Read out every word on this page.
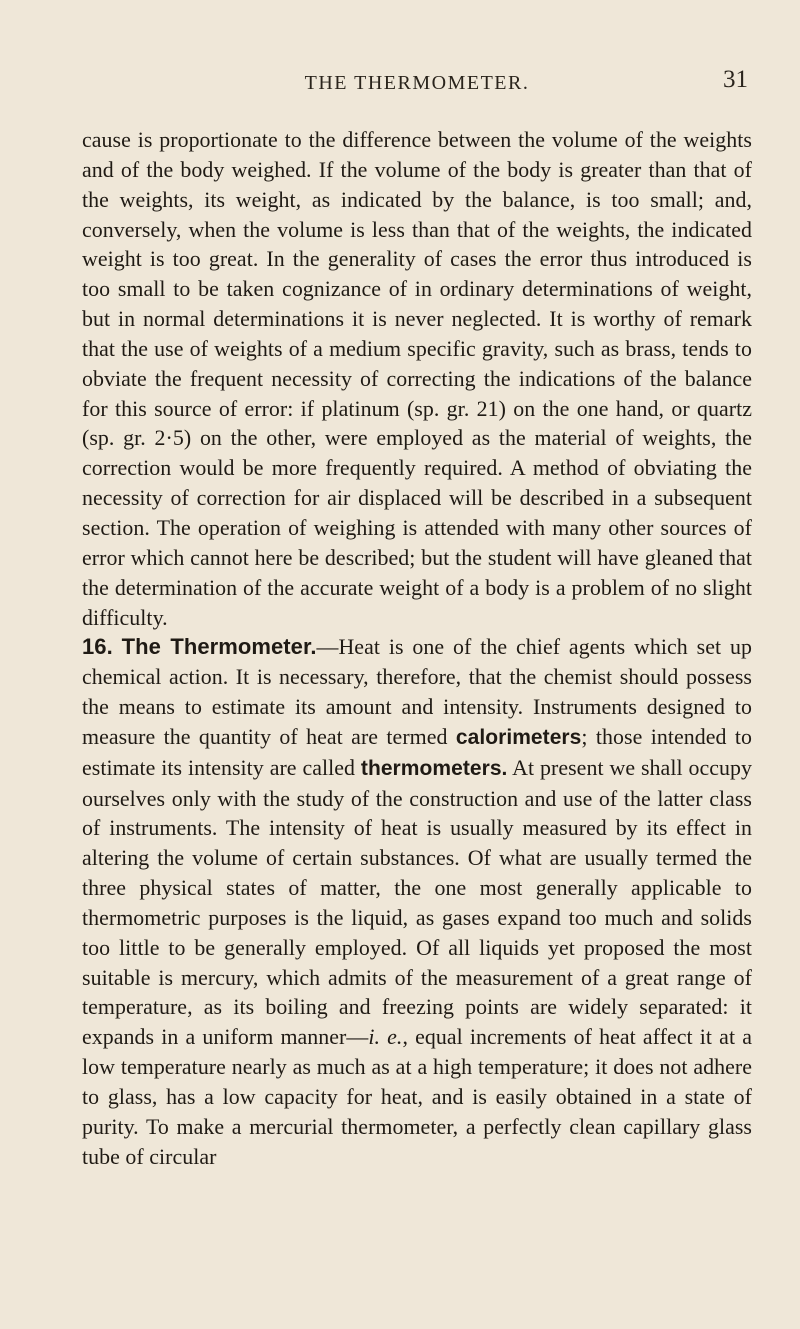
THE THERMOMETER.	31

cause is proportionate to the difference between the volume of the weights and of the body weighed. If the volume of the body is greater than that of the weights, its weight, as indicated by the balance, is too small; and, conversely, when the volume is less than that of the weights, the indicated weight is too great. In the generality of cases the error thus introduced is too small to be taken cognizance of in ordinary determinations of weight, but in normal determinations it is never neglected. It is worthy of remark that the use of weights of a medium specific gravity, such as brass, tends to obviate the frequent necessity of correcting the indications of the balance for this source of error: if platinum (sp. gr. 21) on the one hand, or quartz (sp. gr. 2·5) on the other, were employed as the material of weights, the correction would be more frequently required. A method of obviating the necessity of correction for air displaced will be described in a subsequent section. The operation of weighing is attended with many other sources of error which cannot here be described; but the student will have gleaned that the determination of the accurate weight of a body is a problem of no slight difficulty.

16. The Thermometer.—Heat is one of the chief agents which set up chemical action. It is necessary, therefore, that the chemist should possess the means to estimate its amount and intensity. Instruments designed to measure the quantity of heat are termed calorimeters; those intended to estimate its intensity are called thermometers. At present we shall occupy ourselves only with the study of the construction and use of the latter class of instruments. The intensity of heat is usually measured by its effect in altering the volume of certain substances. Of what are usually termed the three physical states of matter, the one most generally applicable to thermometric purposes is the liquid, as gases expand too much and solids too little to be generally employed. Of all liquids yet proposed the most suitable is mercury, which admits of the measurement of a great range of temperature, as its boiling and freezing points are widely separated: it expands in a uniform manner—i. e., equal increments of heat affect it at a low temperature nearly as much as at a high temperature; it does not adhere to glass, has a low capacity for heat, and is easily obtained in a state of purity. To make a mercurial thermometer, a perfectly clean capillary glass tube of circular
